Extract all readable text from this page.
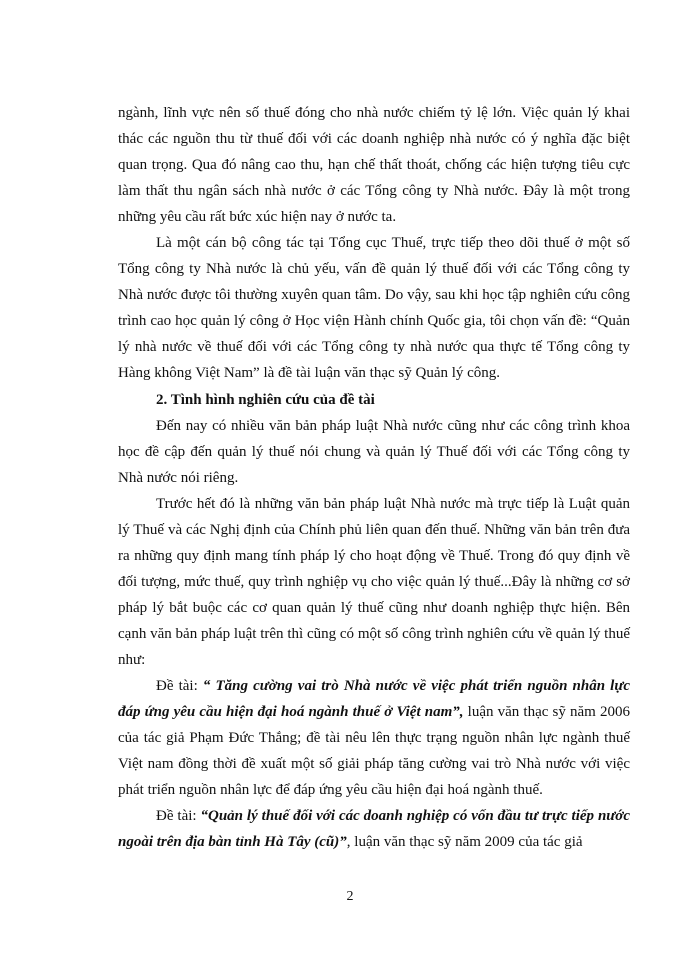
ngành, lĩnh vực nên số thuế đóng cho nhà nước chiếm tỷ lệ lớn. Việc quản lý khai thác các nguồn thu từ thuế đối với các doanh nghiệp nhà nước có ý nghĩa đặc biệt quan trọng. Qua đó nâng cao thu, hạn chế thất thoát, chống các hiện tượng tiêu cực làm thất thu ngân sách nhà nước ở các Tổng công ty Nhà nước. Đây là một trong những yêu cầu rất bức xúc hiện nay ở nước ta.

Là một cán bộ công tác tại Tổng cục Thuế, trực tiếp theo dõi thuế ở một số Tổng công ty Nhà nước là chủ yếu, vấn đề quản lý thuế đối với các Tổng công ty Nhà nước được tôi thường xuyên quan tâm. Do vậy, sau khi học tập nghiên cứu công trình cao học quản lý công ở Học viện Hành chính Quốc gia, tôi chọn vấn đề: “Quản lý nhà nước về thuế đối với các Tổng công ty nhà nước qua thực tế Tổng công ty Hàng không Việt Nam” là đề tài luận văn thạc sỹ Quản lý công.

2. Tình hình nghiên cứu của đề tài

Đến nay có nhiều văn bản pháp luật Nhà nước cũng như các công trình khoa học đề cập đến quản lý thuế nói chung và quản lý Thuế đối với các Tổng công ty Nhà nước nói riêng.

Trước hết đó là những văn bản pháp luật Nhà nước mà trực tiếp là Luật quản lý Thuế và các Nghị định của Chính phủ liên quan đến thuế. Những văn bản trên đưa ra những quy định mang tính pháp lý cho hoạt động về Thuế. Trong đó quy định về đối tượng, mức thuế, quy trình nghiệp vụ cho việc quản lý thuế...Đây là những cơ sở pháp lý bắt buộc các cơ quan quản lý thuế cũng như doanh nghiệp thực hiện. Bên cạnh văn bản pháp luật trên thì cũng có một số công trình nghiên cứu về quản lý thuế như:

Đề tài: “ Tăng cường vai trò Nhà nước về việc phát triển nguồn nhân lực đáp ứng yêu cầu hiện đại hoá ngành thuế ở Việt nam”, luận văn thạc sỹ năm 2006 của tác giả Phạm Đức Thắng; đề tài nêu lên thực trạng nguồn nhân lực ngành thuế Việt nam đồng thời đề xuất một số giải pháp tăng cường vai trò Nhà nước với việc phát triển nguồn nhân lực để đáp ứng yêu cầu hiện đại hoá ngành thuế.

Đề tài: “Quản lý thuế đối với các doanh nghiệp có vốn đầu tư trực tiếp nước ngoài trên địa bàn tỉnh Hà Tây (cũ)”, luận văn thạc sỹ năm 2009 của tác giả

2
